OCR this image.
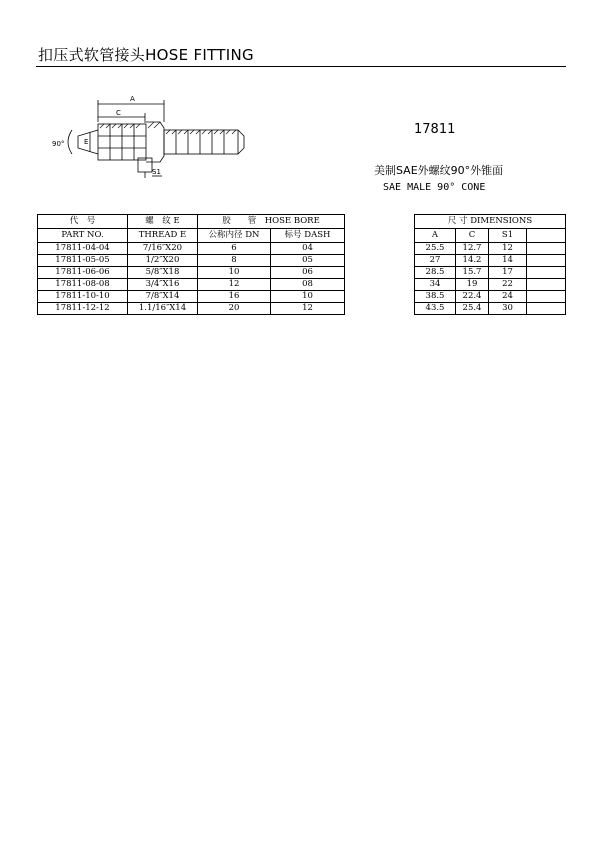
扣压式软管接头HOSE FITTING
A
C
90°	E
S1
17811
美制SAE外螺纹90°外锥面
SAE MALE 90° CONE
代　号	螺　纹 E	胶　　管　HOSE BORE			尺 寸 DIMENSIONS			
PART NO.	THREAD E	公称内径 DN	标号 DASH		A	C	S1	
17811-04-04	7/16″X20	6	04		25.5	12.7	12	
17811-05-05	1/2″X20	8	05		27	14.2	14	
17811-06-06	5/8″X18	10	06		28.5	15.7	17	
17811-08-08	3/4″X16	12	08		34	19	22	
17811-10-10	7/8″X14	16	10		38.5	22.4	24	
17811-12-12	1.1/16″X14	20	12		43.5	25.4	30	
